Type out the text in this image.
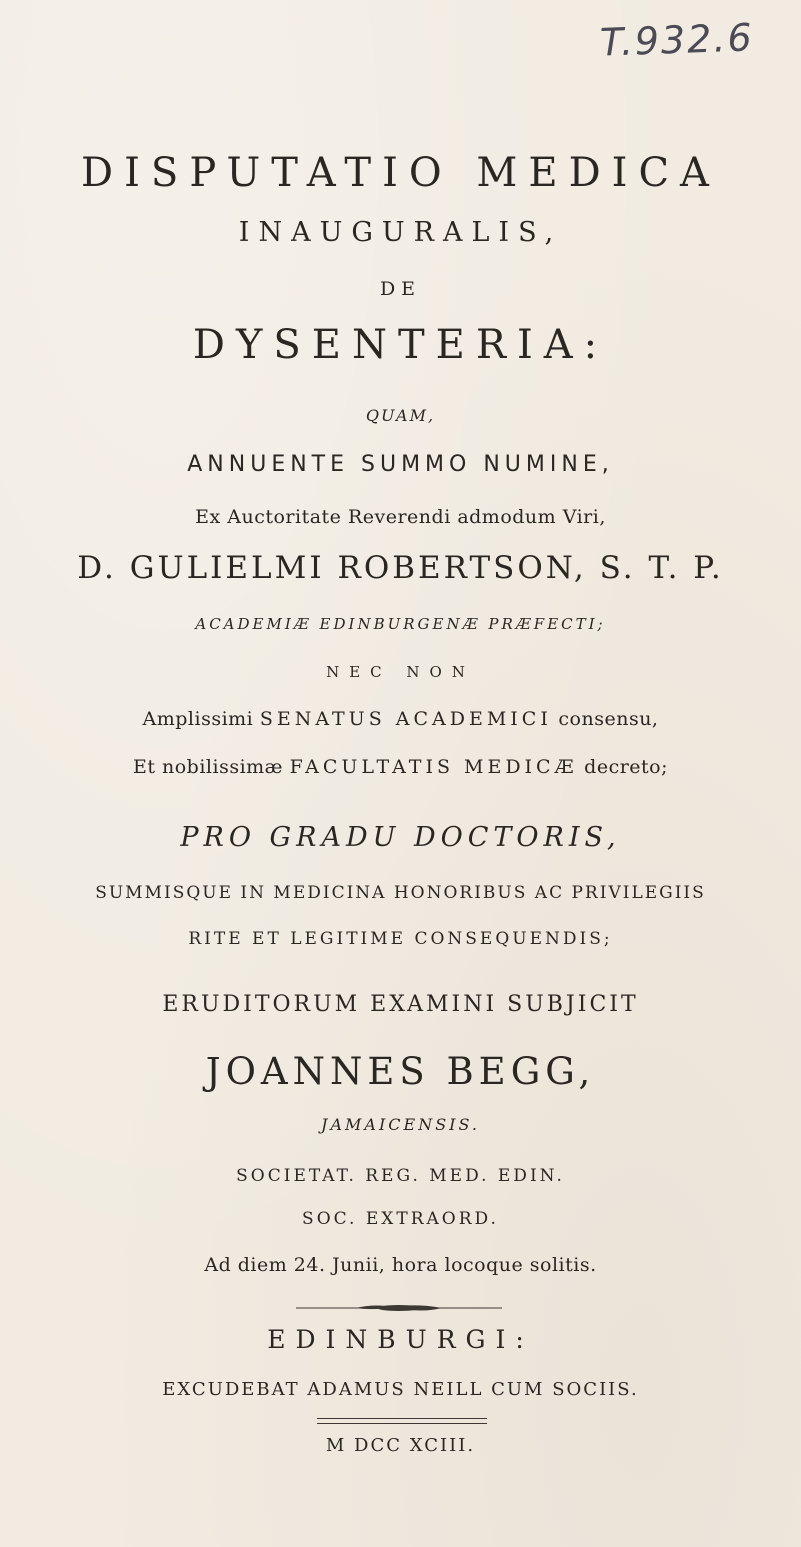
T.932.6
DISPUTATIO MEDICA
INAUGURALIS,
DE
DYSENTERIA:
QUAM,
ANNUENTE SUMMO NUMINE,
Ex Auctoritate Reverendi admodum Viri,
D. GULIELMI ROBERTSON, S. T. P.
ACADEMIÆ EDINBURGENÆ PRÆFECTI;
NEC NON
Amplissimi SENATUS ACADEMICI consensu,
Et nobilissimæ FACULTATIS MEDICÆ decreto;
PRO GRADU DOCTORIS,
SUMMISQUE IN MEDICINA HONORIBUS AC PRIVILEGIIS
RITE ET LEGITIME CONSEQUENDIS;
ERUDITORUM EXAMINI SUBJICIT
JOANNES BEGG,
JAMAICENSIS.
SOCIETAT. REG. MED. EDIN.
SOC. EXTRAORD.
Ad diem 24. Junii, hora locoque solitis.
EDINBURGI:
EXCUDEBAT ADAMUS NEILL CUM SOCIIS.
M DCC XCIII.
